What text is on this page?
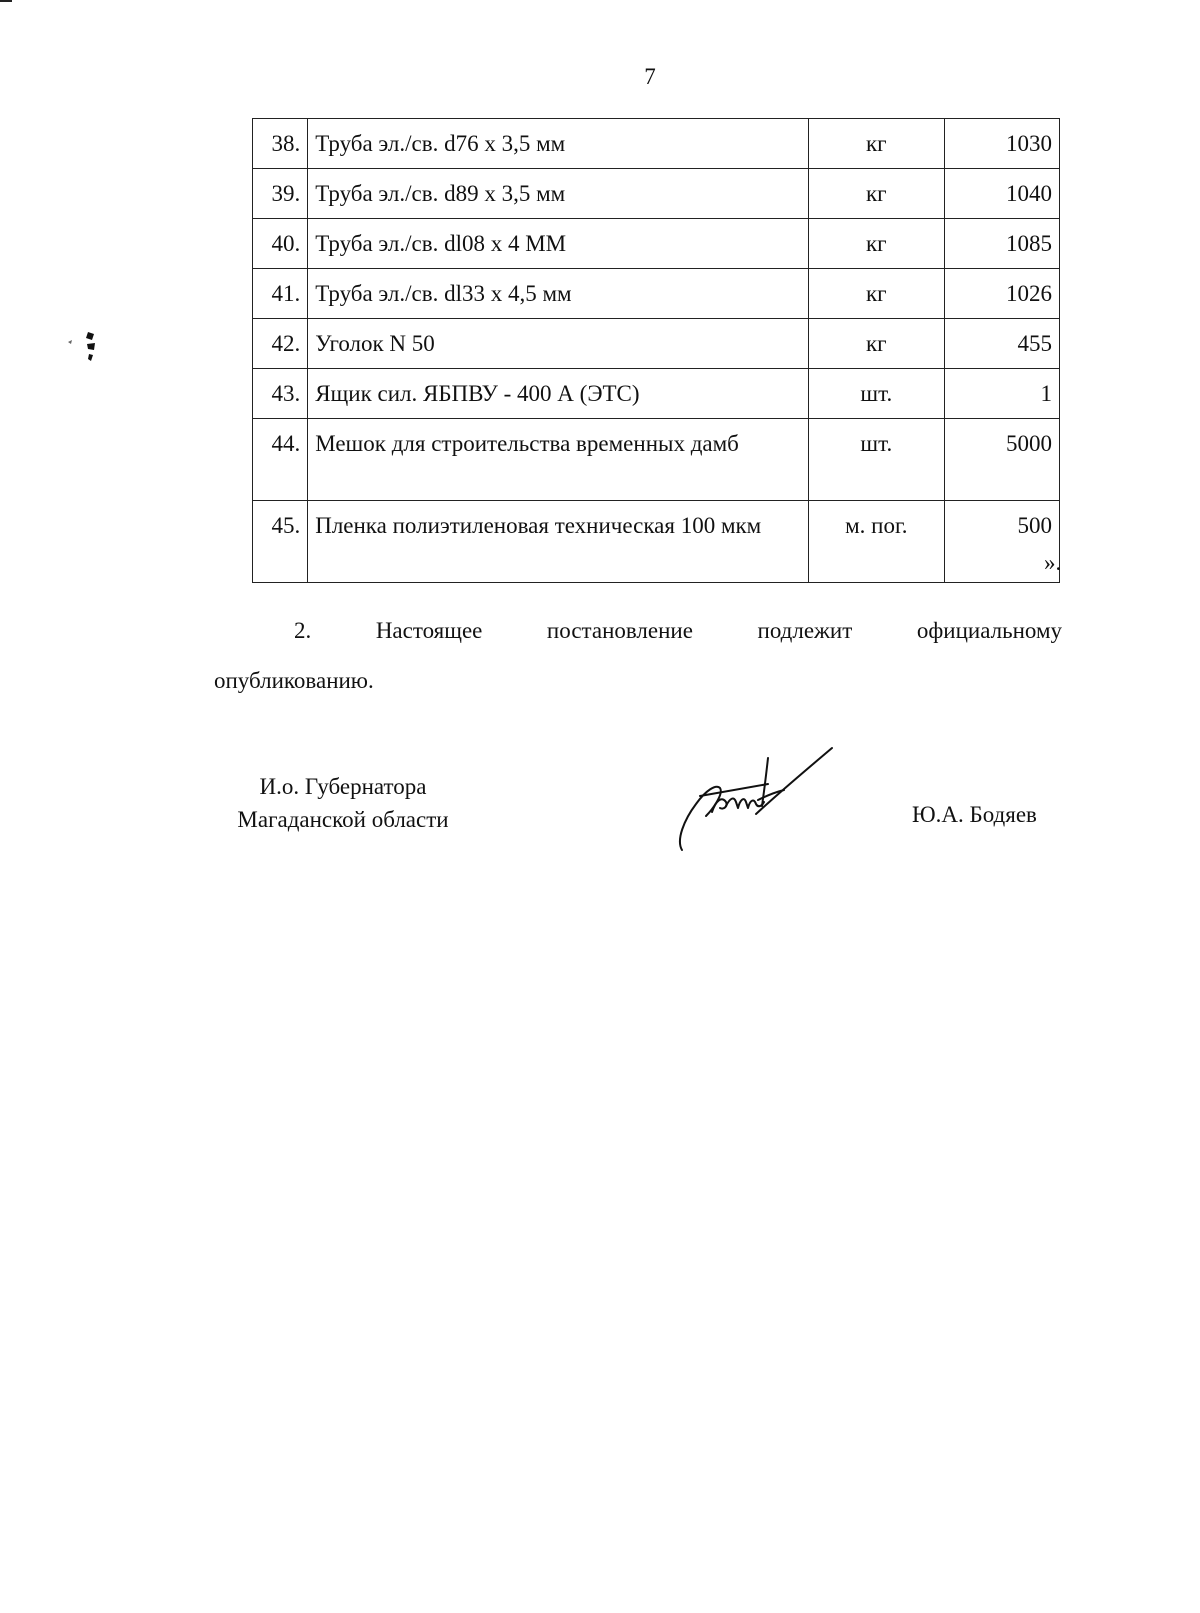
7
38.	Труба эл./св. d76 х 3,5 мм	кг	1030
39.	Труба эл./св. d89 х 3,5 мм	кг	1040
40.	Труба эл./св. dl08 х 4 ММ	кг	1085
41.	Труба эл./св. dl33 х 4,5 мм	кг	1026
42.	Уголок N 50	кг	455
43.	Ящик сил. ЯБПВУ - 400 А (ЭТС)	шт.	1
44.	Мешок для строительства временных дамб	шт.	5000
45.	Пленка полиэтиленовая техническая 100 мкм	м. пог.	500
».
2. Настоящее постановление подлежит официальному
опубликованию.
И.о. Губернатора
Магаданской области	Ю.А. Бодяев
